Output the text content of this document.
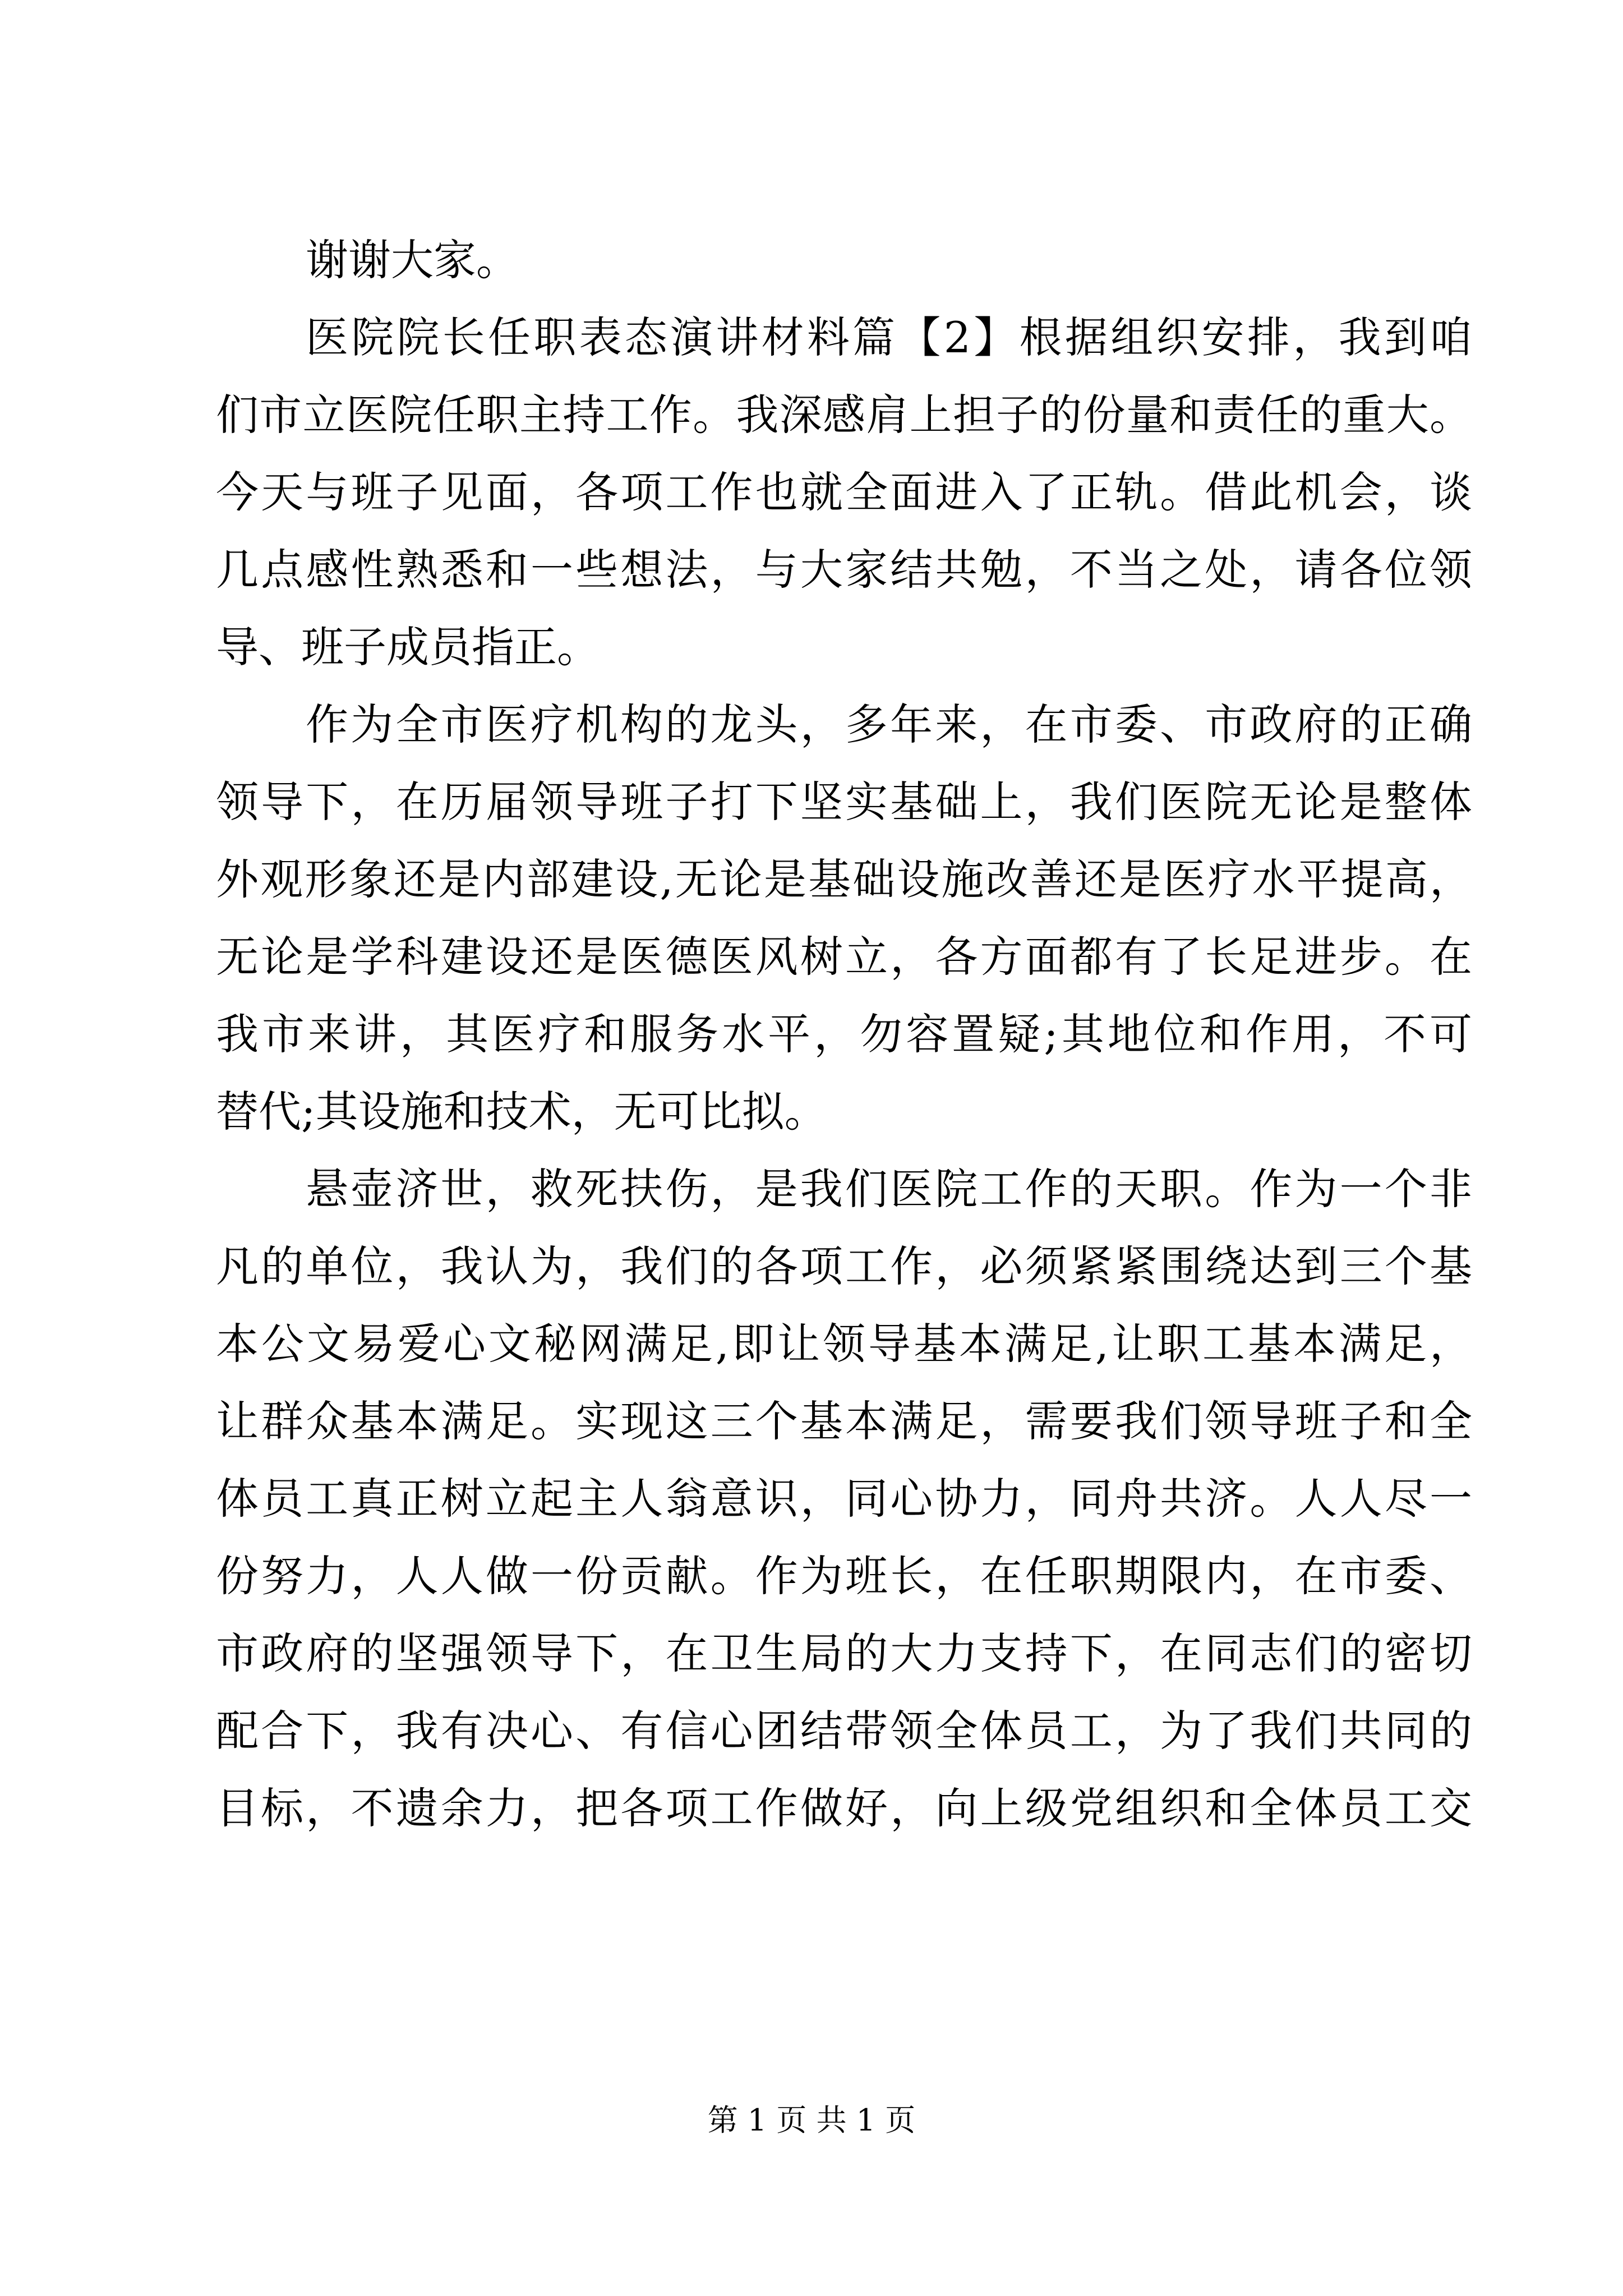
谢谢大家。
医院院长任职表态演讲材料篇【2】根据组织安排，我到咱
们市立医院任职主持工作。我深感肩上担子的份量和责任的重大。
今天与班子见面，各项工作也就全面进入了正轨。借此机会，谈
几点感性熟悉和一些想法，与大家结共勉，不当之处，请各位领
导、班子成员指正。
作为全市医疗机构的龙头，多年来，在市委、市政府的正确
领导下，在历届领导班子打下坚实基础上，我们医院无论是整体
外观形象还是内部建设,无论是基础设施改善还是医疗水平提高，
无论是学科建设还是医德医风树立，各方面都有了长足进步。在
我市来讲，其医疗和服务水平，勿容置疑;其地位和作用，不可
替代;其设施和技术，无可比拟。
悬壶济世，救死扶伤，是我们医院工作的天职。作为一个非
凡的单位，我认为，我们的各项工作，必须紧紧围绕达到三个基
本公文易爱心文秘网满足,即让领导基本满足,让职工基本满足，
让群众基本满足。实现这三个基本满足，需要我们领导班子和全
体员工真正树立起主人翁意识，同心协力，同舟共济。人人尽一
份努力，人人做一份贡献。作为班长，在任职期限内，在市委、
市政府的坚强领导下，在卫生局的大力支持下，在同志们的密切
配合下，我有决心、有信心团结带领全体员工，为了我们共同的
目标，不遗余力，把各项工作做好，向上级党组织和全体员工交
第 1 页 共 1 页
